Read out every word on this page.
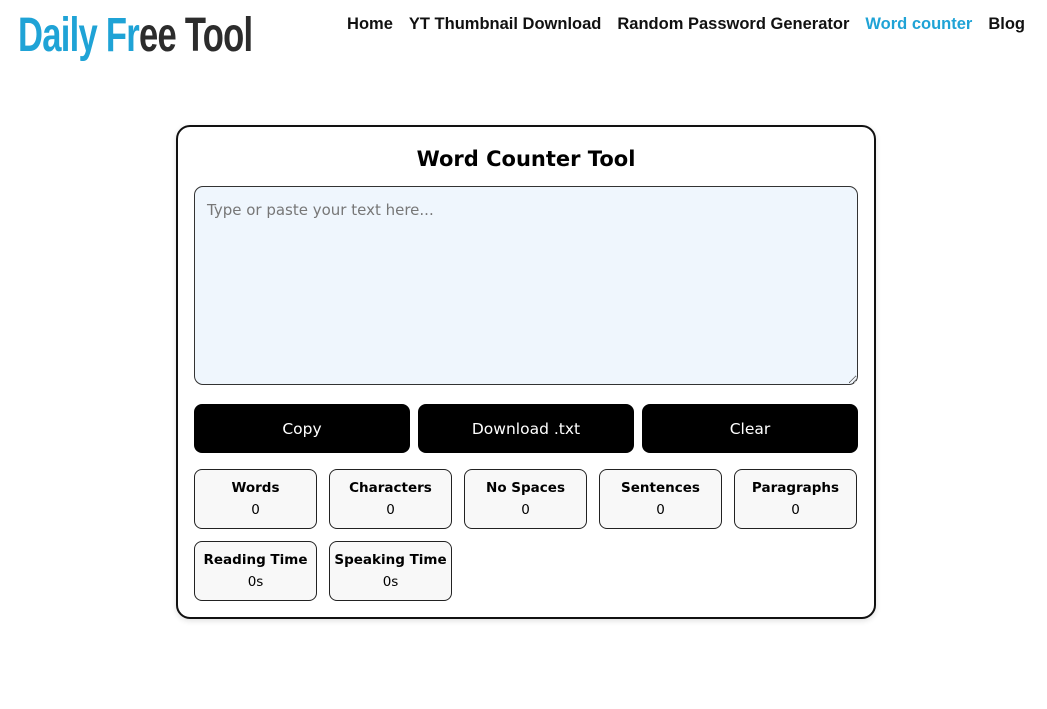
Daily Free Tool	Home YT Thumbnail Download Random Password Generator Word counter Blog
Word Counter Tool
Type or paste your text here...
Copy	Download .txt	Clear
Words
0
Characters
0
No Spaces
0
Sentences
0
Paragraphs
0
Reading Time
0s
Speaking Time
0s
